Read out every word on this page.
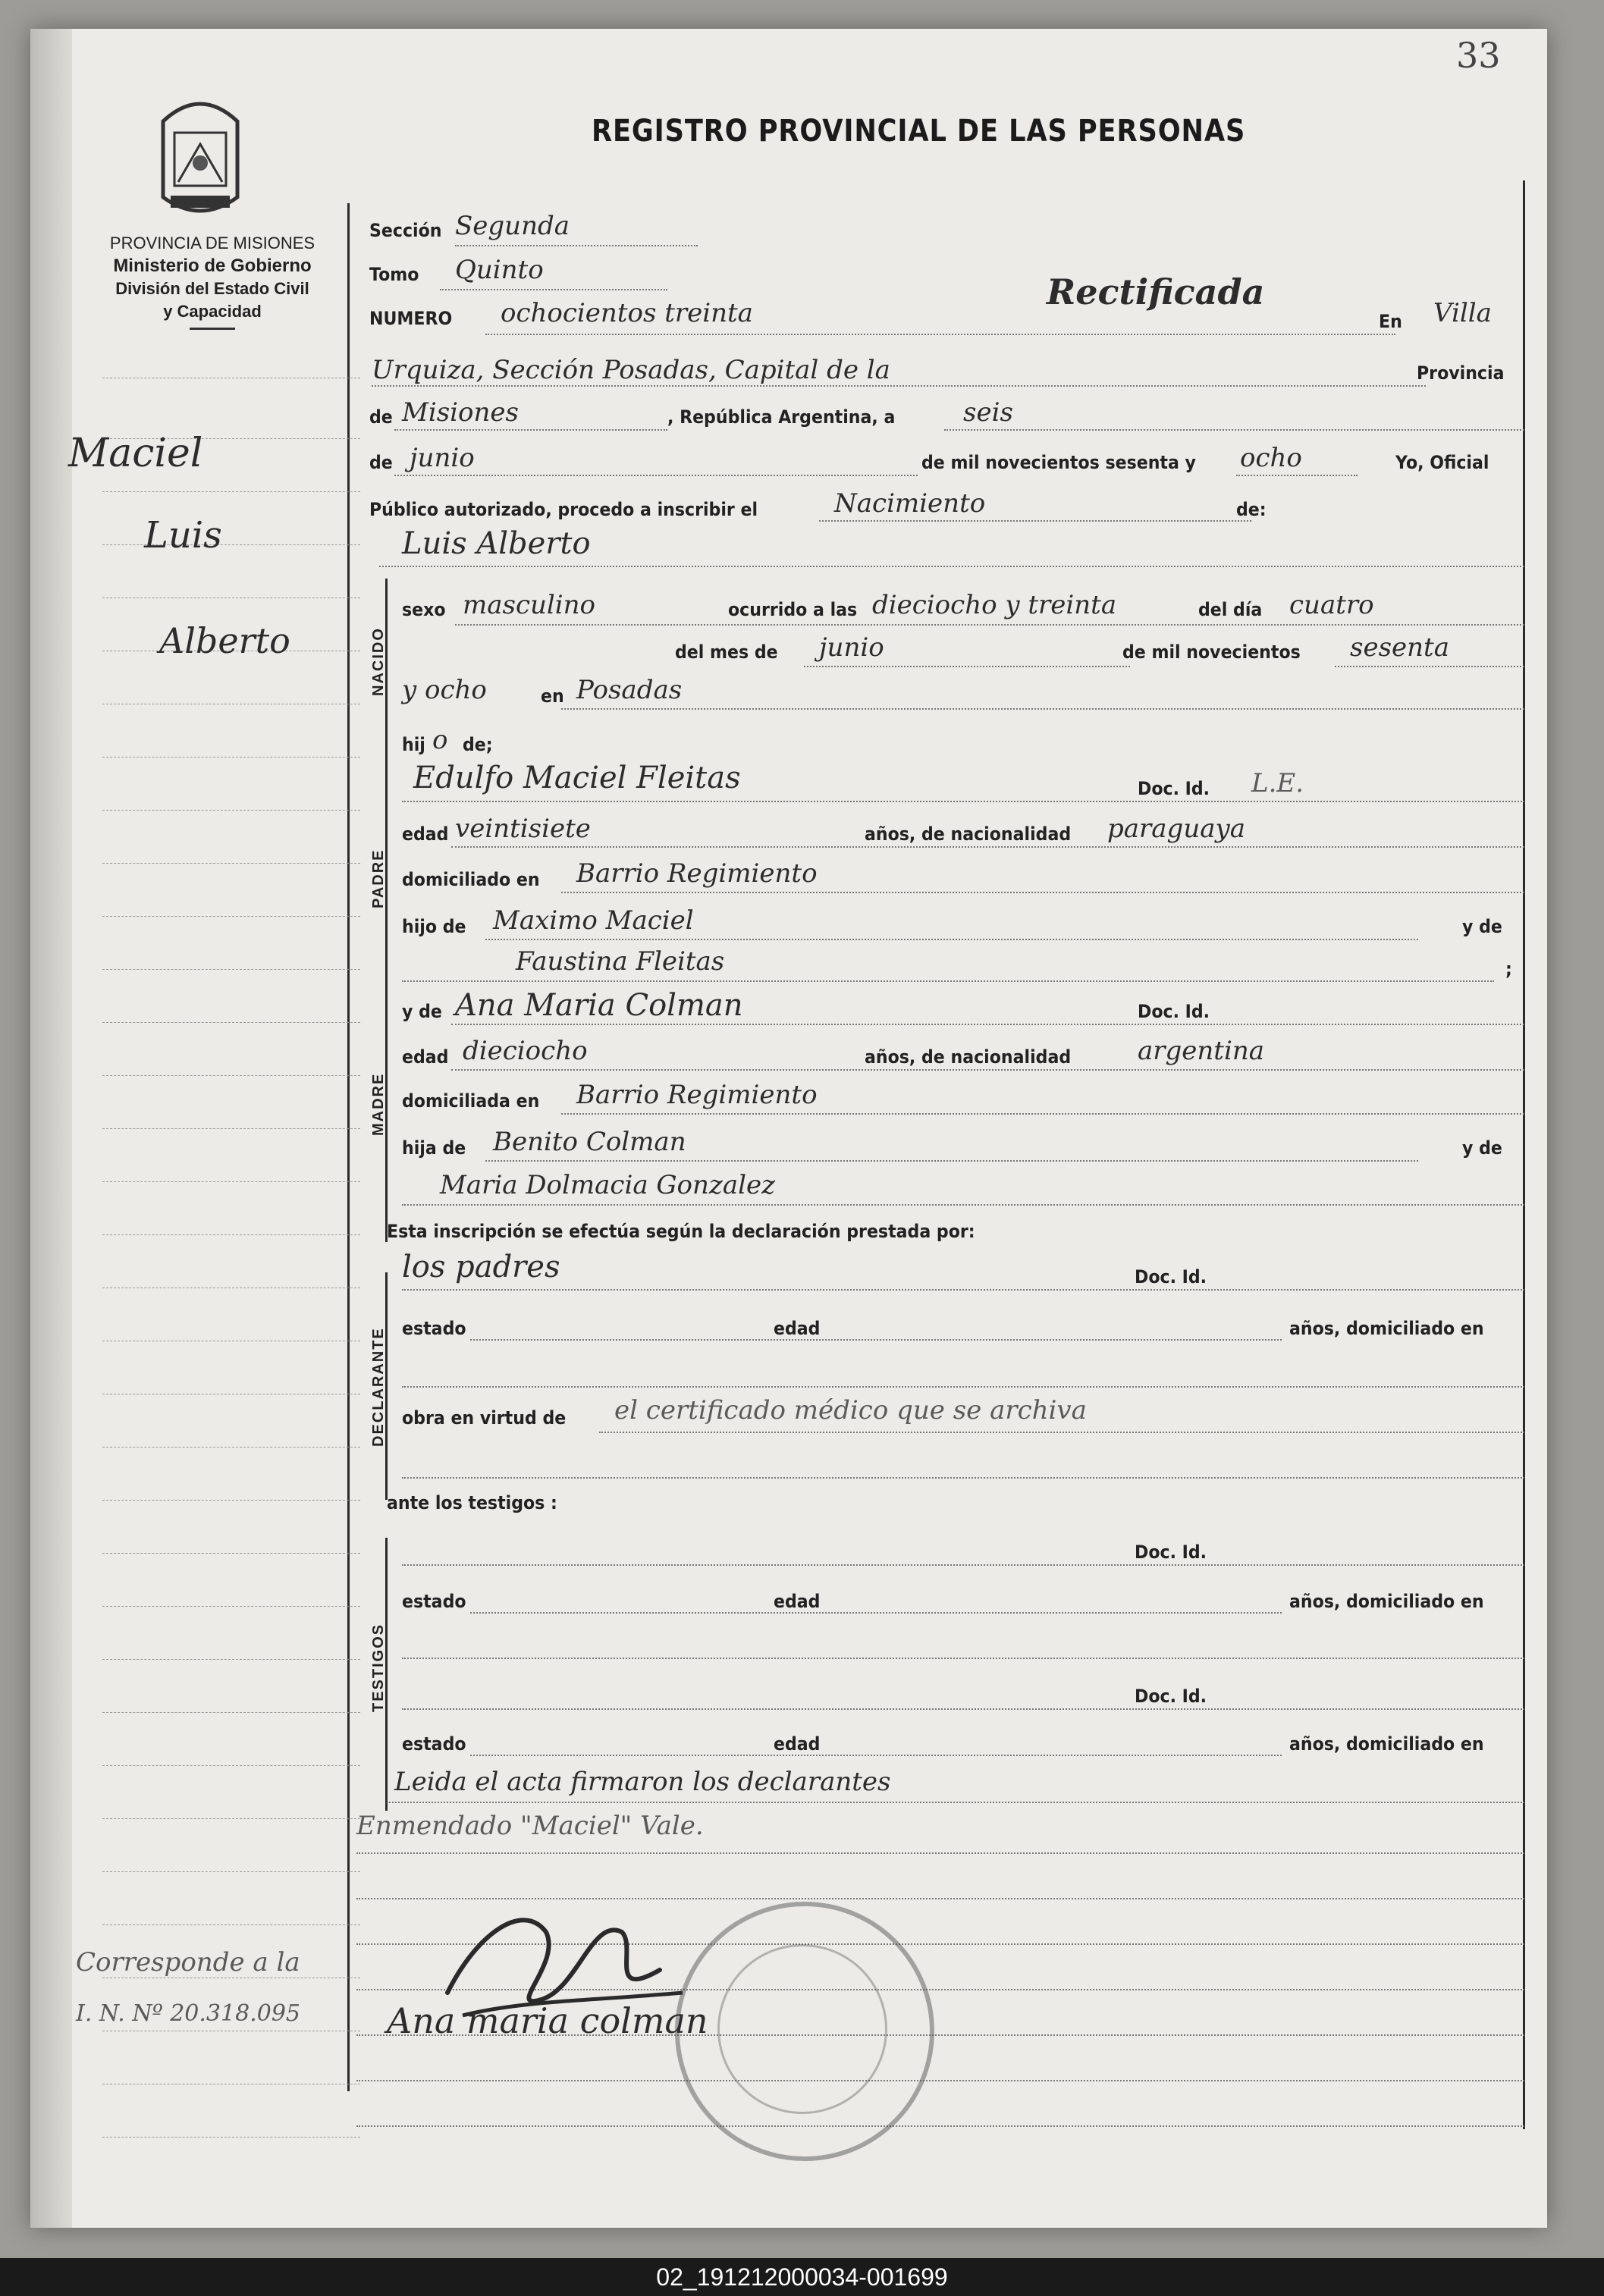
33
PROVINCIA DE MISIONES
Ministerio de Gobierno
División del Estado Civil
y Capacidad
REGISTRO PROVINCIAL DE LAS PERSONAS
Maciel
Luis
Alberto
Corresponde a la
I. N. Nº 20.318.095
Sección Segunda
Tomo Quinto
NUMERO ochocientos treinta
Rectificada
En Villa
Urquiza, Sección Posadas, Capital de la	Provincia
de Misiones	, República Argentina, a	seis
de junio	de mil novecientos sesenta y ocho	Yo, Oficial
Público autorizado, procedo a inscribir el	Nacimiento	de:
Luis Alberto
NACIDO
sexo masculino	ocurrido a las dieciocho y treinta	del día cuatro
del mes de junio	de mil novecientos sesenta
y ocho	en Posadas
hij o de;
PADRE
Edulfo Maciel Fleitas	Doc. Id. L.E.
edad veintisiete	años, de nacionalidad paraguaya
domiciliado en Barrio Regimiento
hijo de Maximo Maciel	y de
Faustina Fleitas	;
MADRE
y de Ana Maria Colman	Doc. Id.
edad dieciocho	años, de nacionalidad	argentina
domiciliada en Barrio Regimiento
hija de Benito Colman	y de
Maria Dolmacia Gonzalez
Esta inscripción se efectúa según la declaración prestada por:
DECLARANTE
los padres	Doc. Id.
estado	edad	años, domiciliado en
obra en virtud de el certificado médico que se archiva
ante los testigos :
TESTIGOS
Doc. Id.
estado	edad	años, domiciliado en
Doc. Id.
estado	edad	años, domiciliado en
Leida el acta firmaron los declarantes
Enmendado "Maciel" Vale.
Ana maria colman
02_191212000034-001699
